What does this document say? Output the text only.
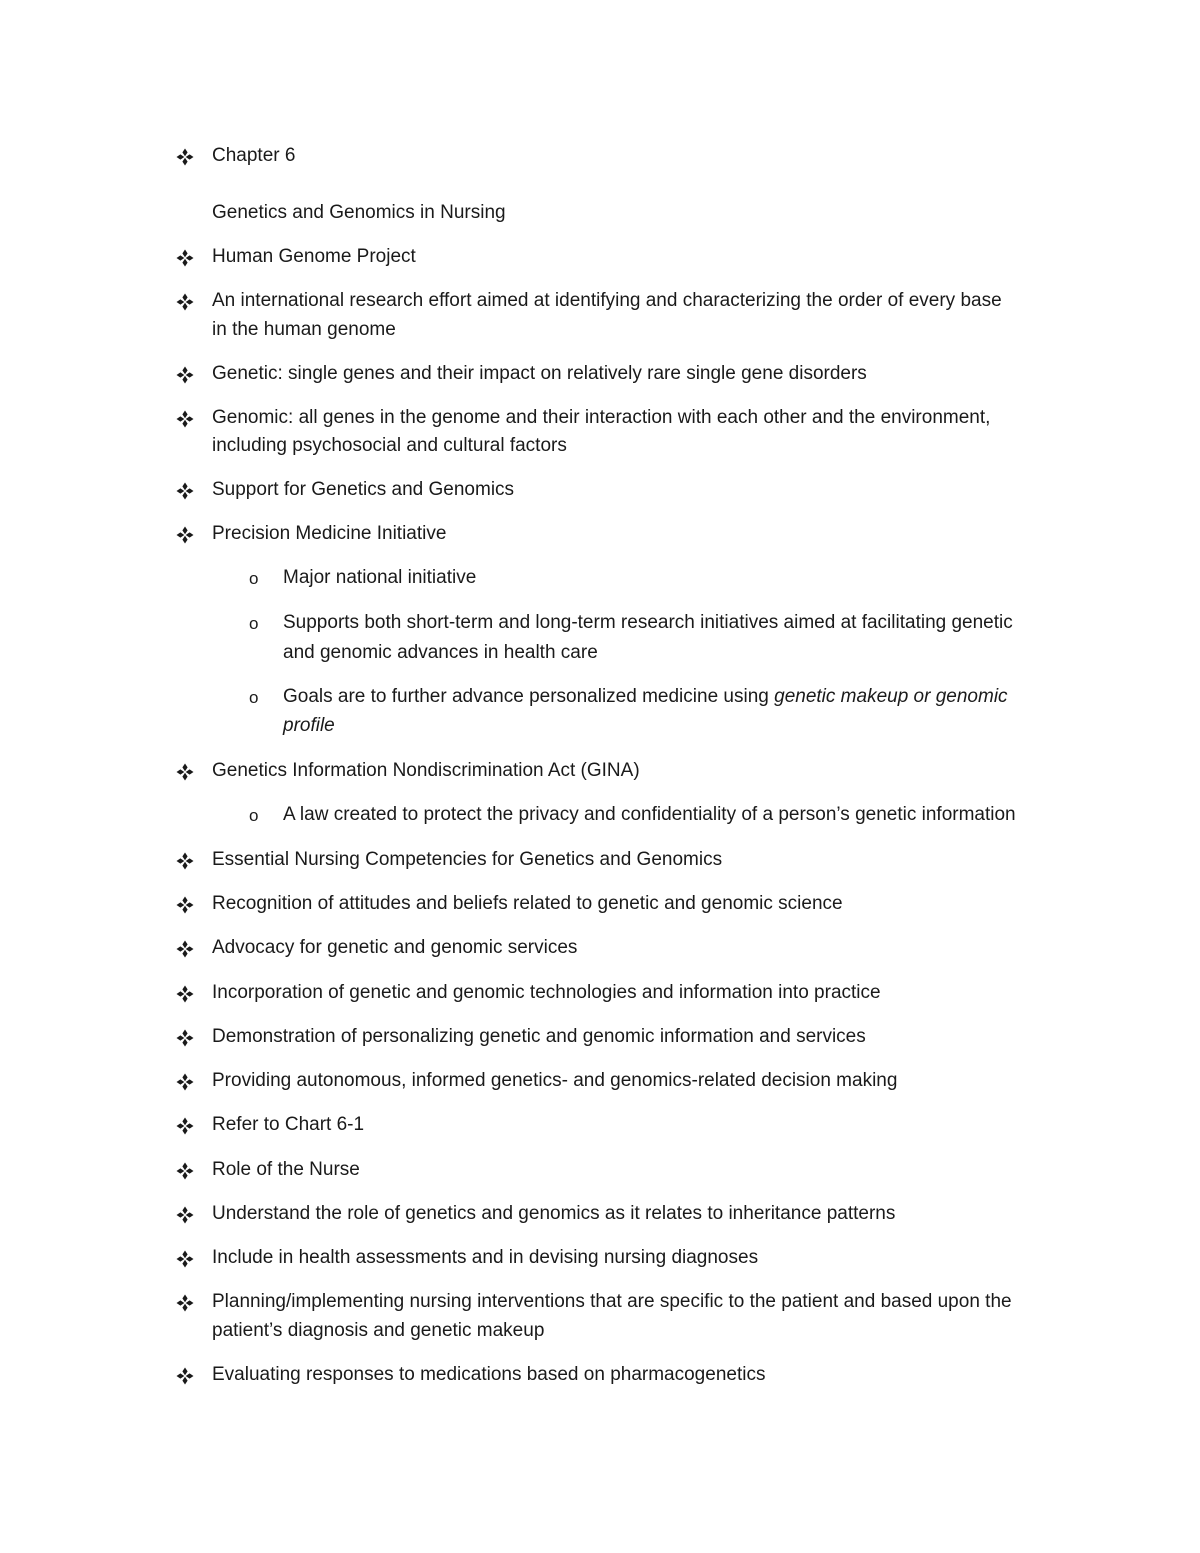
Chapter 6
Genetics and Genomics in Nursing
Human Genome Project
An international research effort aimed at identifying and characterizing the order of every base
in the human genome
Genetic: single genes and their impact on relatively rare single gene disorders
Genomic: all genes in the genome and their interaction with each other and the environment,
including psychosocial and cultural factors
Support for Genetics and Genomics
Precision Medicine Initiative
o Major national initiative
o Supports both short-term and long-term research initiatives aimed at facilitating genetic
and genomic advances in health care
o Goals are to further advance personalized medicine using genetic makeup or genomic
profile
Genetics Information Nondiscrimination Act (GINA)
o A law created to protect the privacy and confidentiality of a person’s genetic information
Essential Nursing Competencies for Genetics and Genomics
Recognition of attitudes and beliefs related to genetic and genomic science
Advocacy for genetic and genomic services
Incorporation of genetic and genomic technologies and information into practice
Demonstration of personalizing genetic and genomic information and services
Providing autonomous, informed genetics- and genomics-related decision making
Refer to Chart 6-1
Role of the Nurse
Understand the role of genetics and genomics as it relates to inheritance patterns
Include in health assessments and in devising nursing diagnoses
Planning/implementing nursing interventions that are specific to the patient and based upon the
patient’s diagnosis and genetic makeup
Evaluating responses to medications based on pharmacogenetics
